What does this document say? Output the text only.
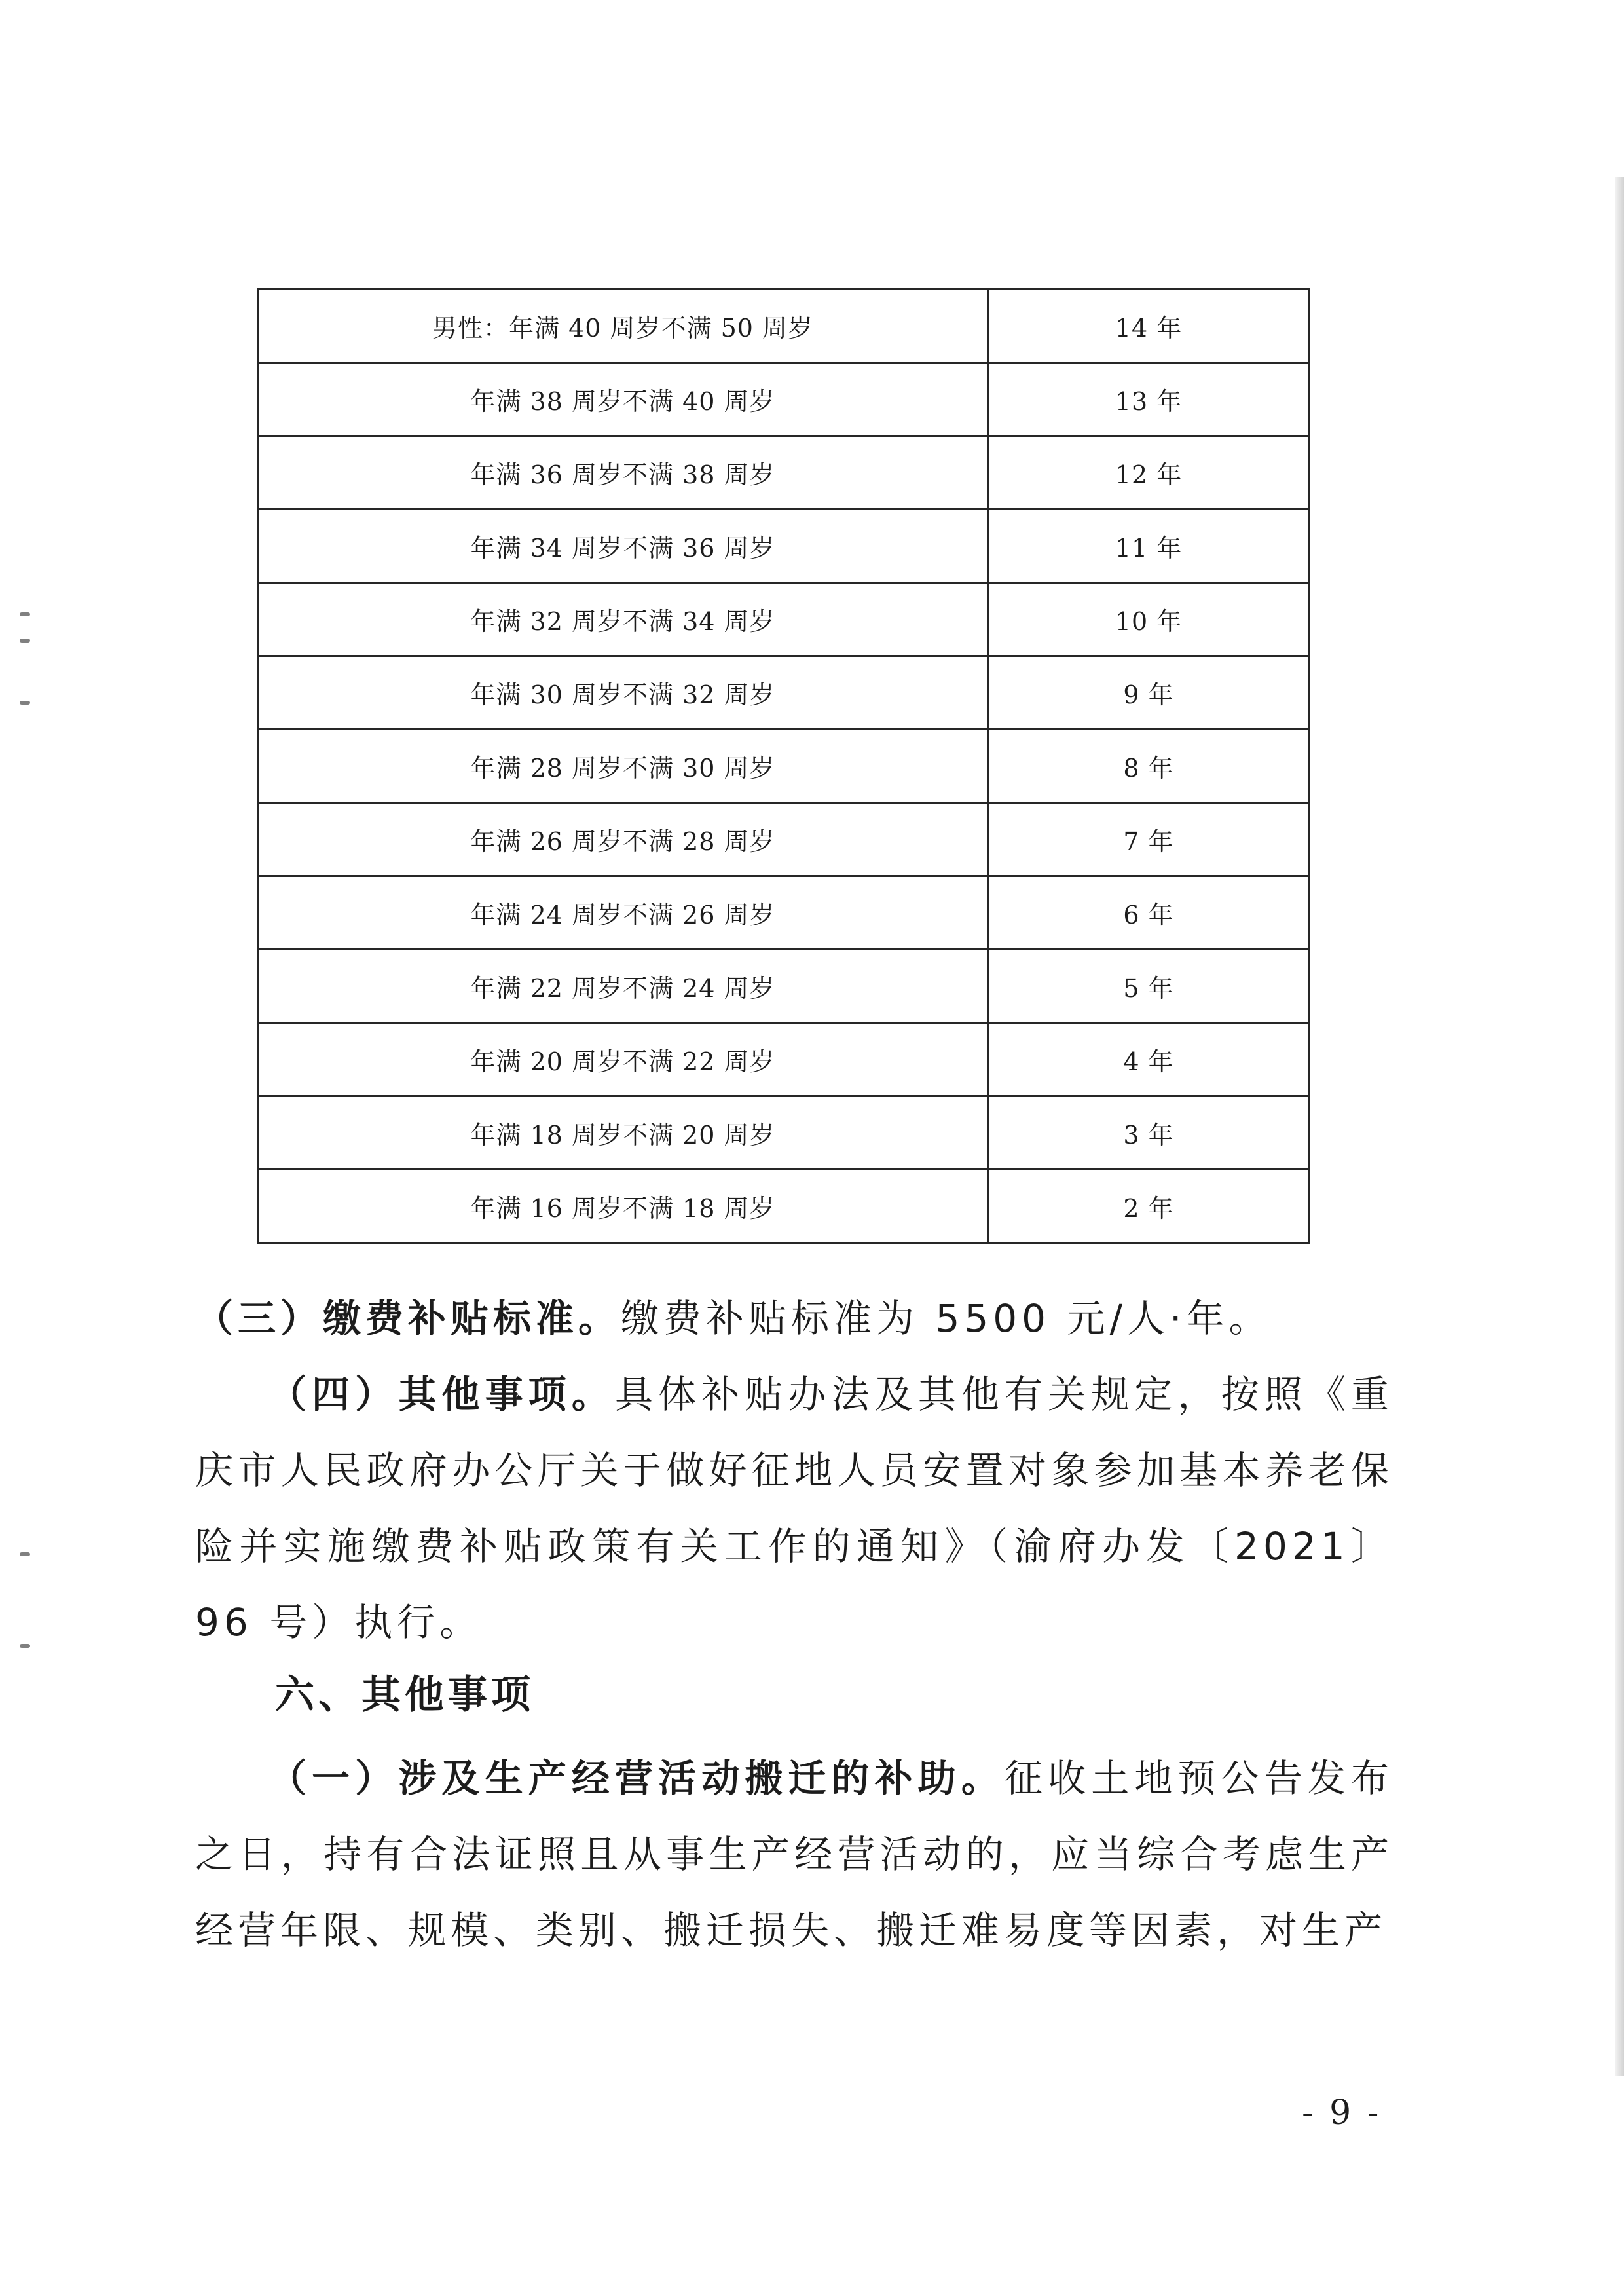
男性：年满 40 周岁不满 50 周岁	14 年
年满 38 周岁不满 40 周岁	13 年
年满 36 周岁不满 38 周岁	12 年
年满 34 周岁不满 36 周岁	11 年
年满 32 周岁不满 34 周岁	10 年
年满 30 周岁不满 32 周岁	9 年
年满 28 周岁不满 30 周岁	8 年
年满 26 周岁不满 28 周岁	7 年
年满 24 周岁不满 26 周岁	6 年
年满 22 周岁不满 24 周岁	5 年
年满 20 周岁不满 22 周岁	4 年
年满 18 周岁不满 20 周岁	3 年
年满 16 周岁不满 18 周岁	2 年

（三）缴费补贴标准。缴费补贴标准为 5500 元/人·年。

（四）其他事项。具体补贴办法及其他有关规定，按照《重庆市人民政府办公厅关于做好征地人员安置对象参加基本养老保险并实施缴费补贴政策有关工作的通知》（渝府办发〔2021〕96 号）执行。

六、其他事项

（一）涉及生产经营活动搬迁的补助。征收土地预公告发布之日，持有合法证照且从事生产经营活动的，应当综合考虑生产经营年限、规模、类别、搬迁损失、搬迁难易度等因素，对生产

- 9 -
